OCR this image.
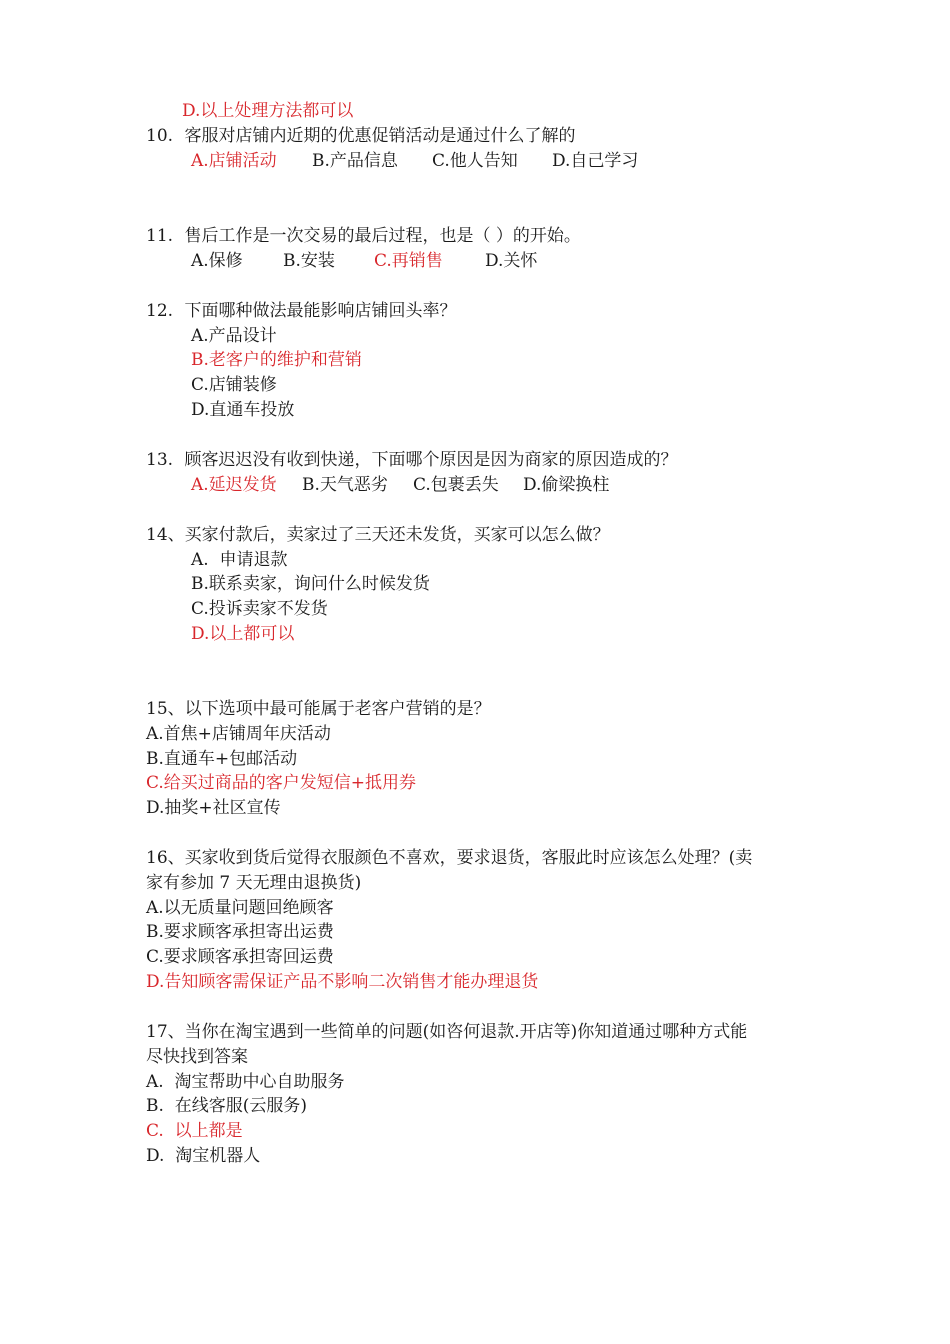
D.以上处理方法都可以
10. 客服对店铺内近期的优惠促销活动是通过什么了解的
A.店铺活动 B.产品信息 C.他人告知 D.自己学习
11. 售后工作是一次交易的最后过程，也是（ ）的开始。
A.保修 B.安装 C.再销售 D.关怀
12. 下面哪种做法最能影响店铺回头率？
A.产品设计
B.老客户的维护和营销
C.店铺装修
D.直通车投放
13. 顾客迟迟没有收到快递，下面哪个原因是因为商家的原因造成的？
A.延迟发货 B.天气恶劣 C.包裹丢失 D.偷梁换柱
14、买家付款后，卖家过了三天还未发货，买家可以怎么做？
A.  申请退款
B.联系卖家，询问什么时候发货
C.投诉卖家不发货
D.以上都可以
15、以下选项中最可能属于老客户营销的是？
A.首焦+店铺周年庆活动
B.直通车+包邮活动
C.给买过商品的客户发短信+抵用券
D.抽奖+社区宣传
16、买家收到货后觉得衣服颜色不喜欢，要求退货，客服此时应该怎么处理？(卖
家有参加 7 天无理由退换货)
A.以无质量问题回绝顾客
B.要求顾客承担寄出运费
C.要求顾客承担寄回运费
D.告知顾客需保证产品不影响二次销售才能办理退货
17、当你在淘宝遇到一些简单的问题(如咨何退款.开店等)你知道通过哪种方式能
尽快找到答案
A.  淘宝帮助中心自助服务
B.  在线客服(云服务)
C.  以上都是
D.  淘宝机器人
